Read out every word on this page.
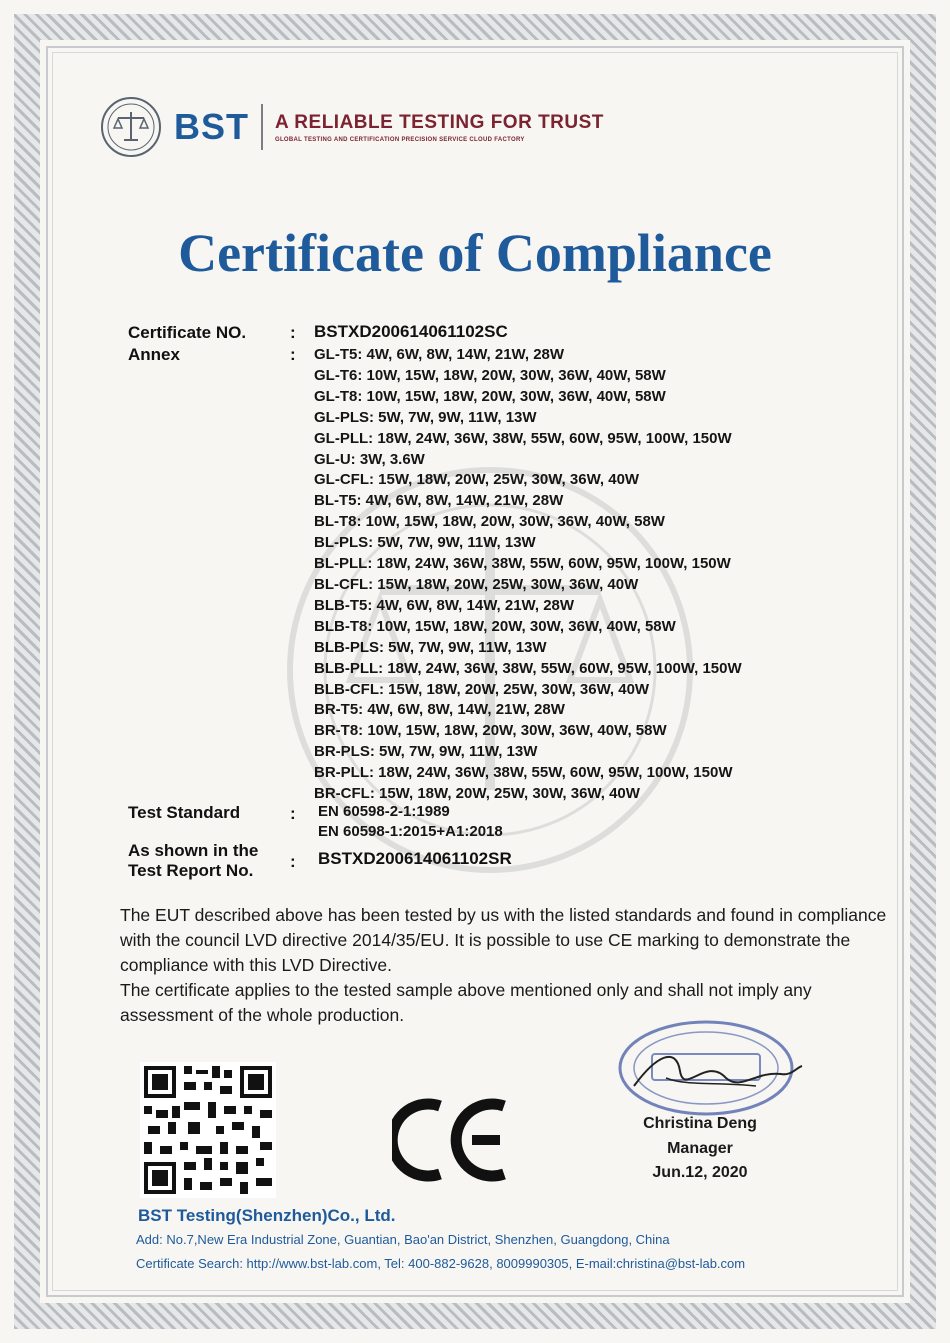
BST A RELIABLE TESTING FOR TRUST
GLOBAL TESTING AND CERTIFICATION PRECISION SERVICE CLOUD FACTORY
Certificate of Compliance
Certificate NO.	: BSTXD200614061102SC
Annex	: GL-T5: 4W, 6W, 8W, 14W, 21W, 28W
GL-T6: 10W, 15W, 18W, 20W, 30W, 36W, 40W, 58W
GL-T8: 10W, 15W, 18W, 20W, 30W, 36W, 40W, 58W
GL-PLS: 5W, 7W, 9W, 11W, 13W
GL-PLL: 18W, 24W, 36W, 38W, 55W, 60W, 95W, 100W, 150W
GL-U: 3W, 3.6W
GL-CFL: 15W, 18W, 20W, 25W, 30W, 36W, 40W
BL-T5: 4W, 6W, 8W, 14W, 21W, 28W
BL-T8: 10W, 15W, 18W, 20W, 30W, 36W, 40W, 58W
BL-PLS: 5W, 7W, 9W, 11W, 13W
BL-PLL: 18W, 24W, 36W, 38W, 55W, 60W, 95W, 100W, 150W
BL-CFL: 15W, 18W, 20W, 25W, 30W, 36W, 40W
BLB-T5: 4W, 6W, 8W, 14W, 21W, 28W
BLB-T8: 10W, 15W, 18W, 20W, 30W, 36W, 40W, 58W
BLB-PLS: 5W, 7W, 9W, 11W, 13W
BLB-PLL: 18W, 24W, 36W, 38W, 55W, 60W, 95W, 100W, 150W
BLB-CFL: 15W, 18W, 20W, 25W, 30W, 36W, 40W
BR-T5: 4W, 6W, 8W, 14W, 21W, 28W
BR-T8: 10W, 15W, 18W, 20W, 30W, 36W, 40W, 58W
BR-PLS: 5W, 7W, 9W, 11W, 13W
BR-PLL: 18W, 24W, 36W, 38W, 55W, 60W, 95W, 100W, 150W
BR-CFL: 15W, 18W, 20W, 25W, 30W, 36W, 40W
Test Standard	: EN 60598-2-1:1989
EN 60598-1:2015+A1:2018
As shown in the
Test Report No. : BSTXD200614061102SR

The EUT described above has been tested by us with the listed standards and found in compliance with the council LVD directive 2014/35/EU. It is possible to use CE marking to demonstrate the compliance with this LVD Directive.

The certificate applies to the tested sample above mentioned only and shall not imply any assessment of the whole production.

Christina Deng
Manager
Jun.12, 2020
BST Testing(Shenzhen)Co., Ltd.
Add: No.7,New Era Industrial Zone, Guantian, Bao'an District, Shenzhen, Guangdong, China
Certificate Search: http://www.bst-lab.com, Tel: 400-882-9628, 8009990305, E-mail:christina@bst-lab.com
